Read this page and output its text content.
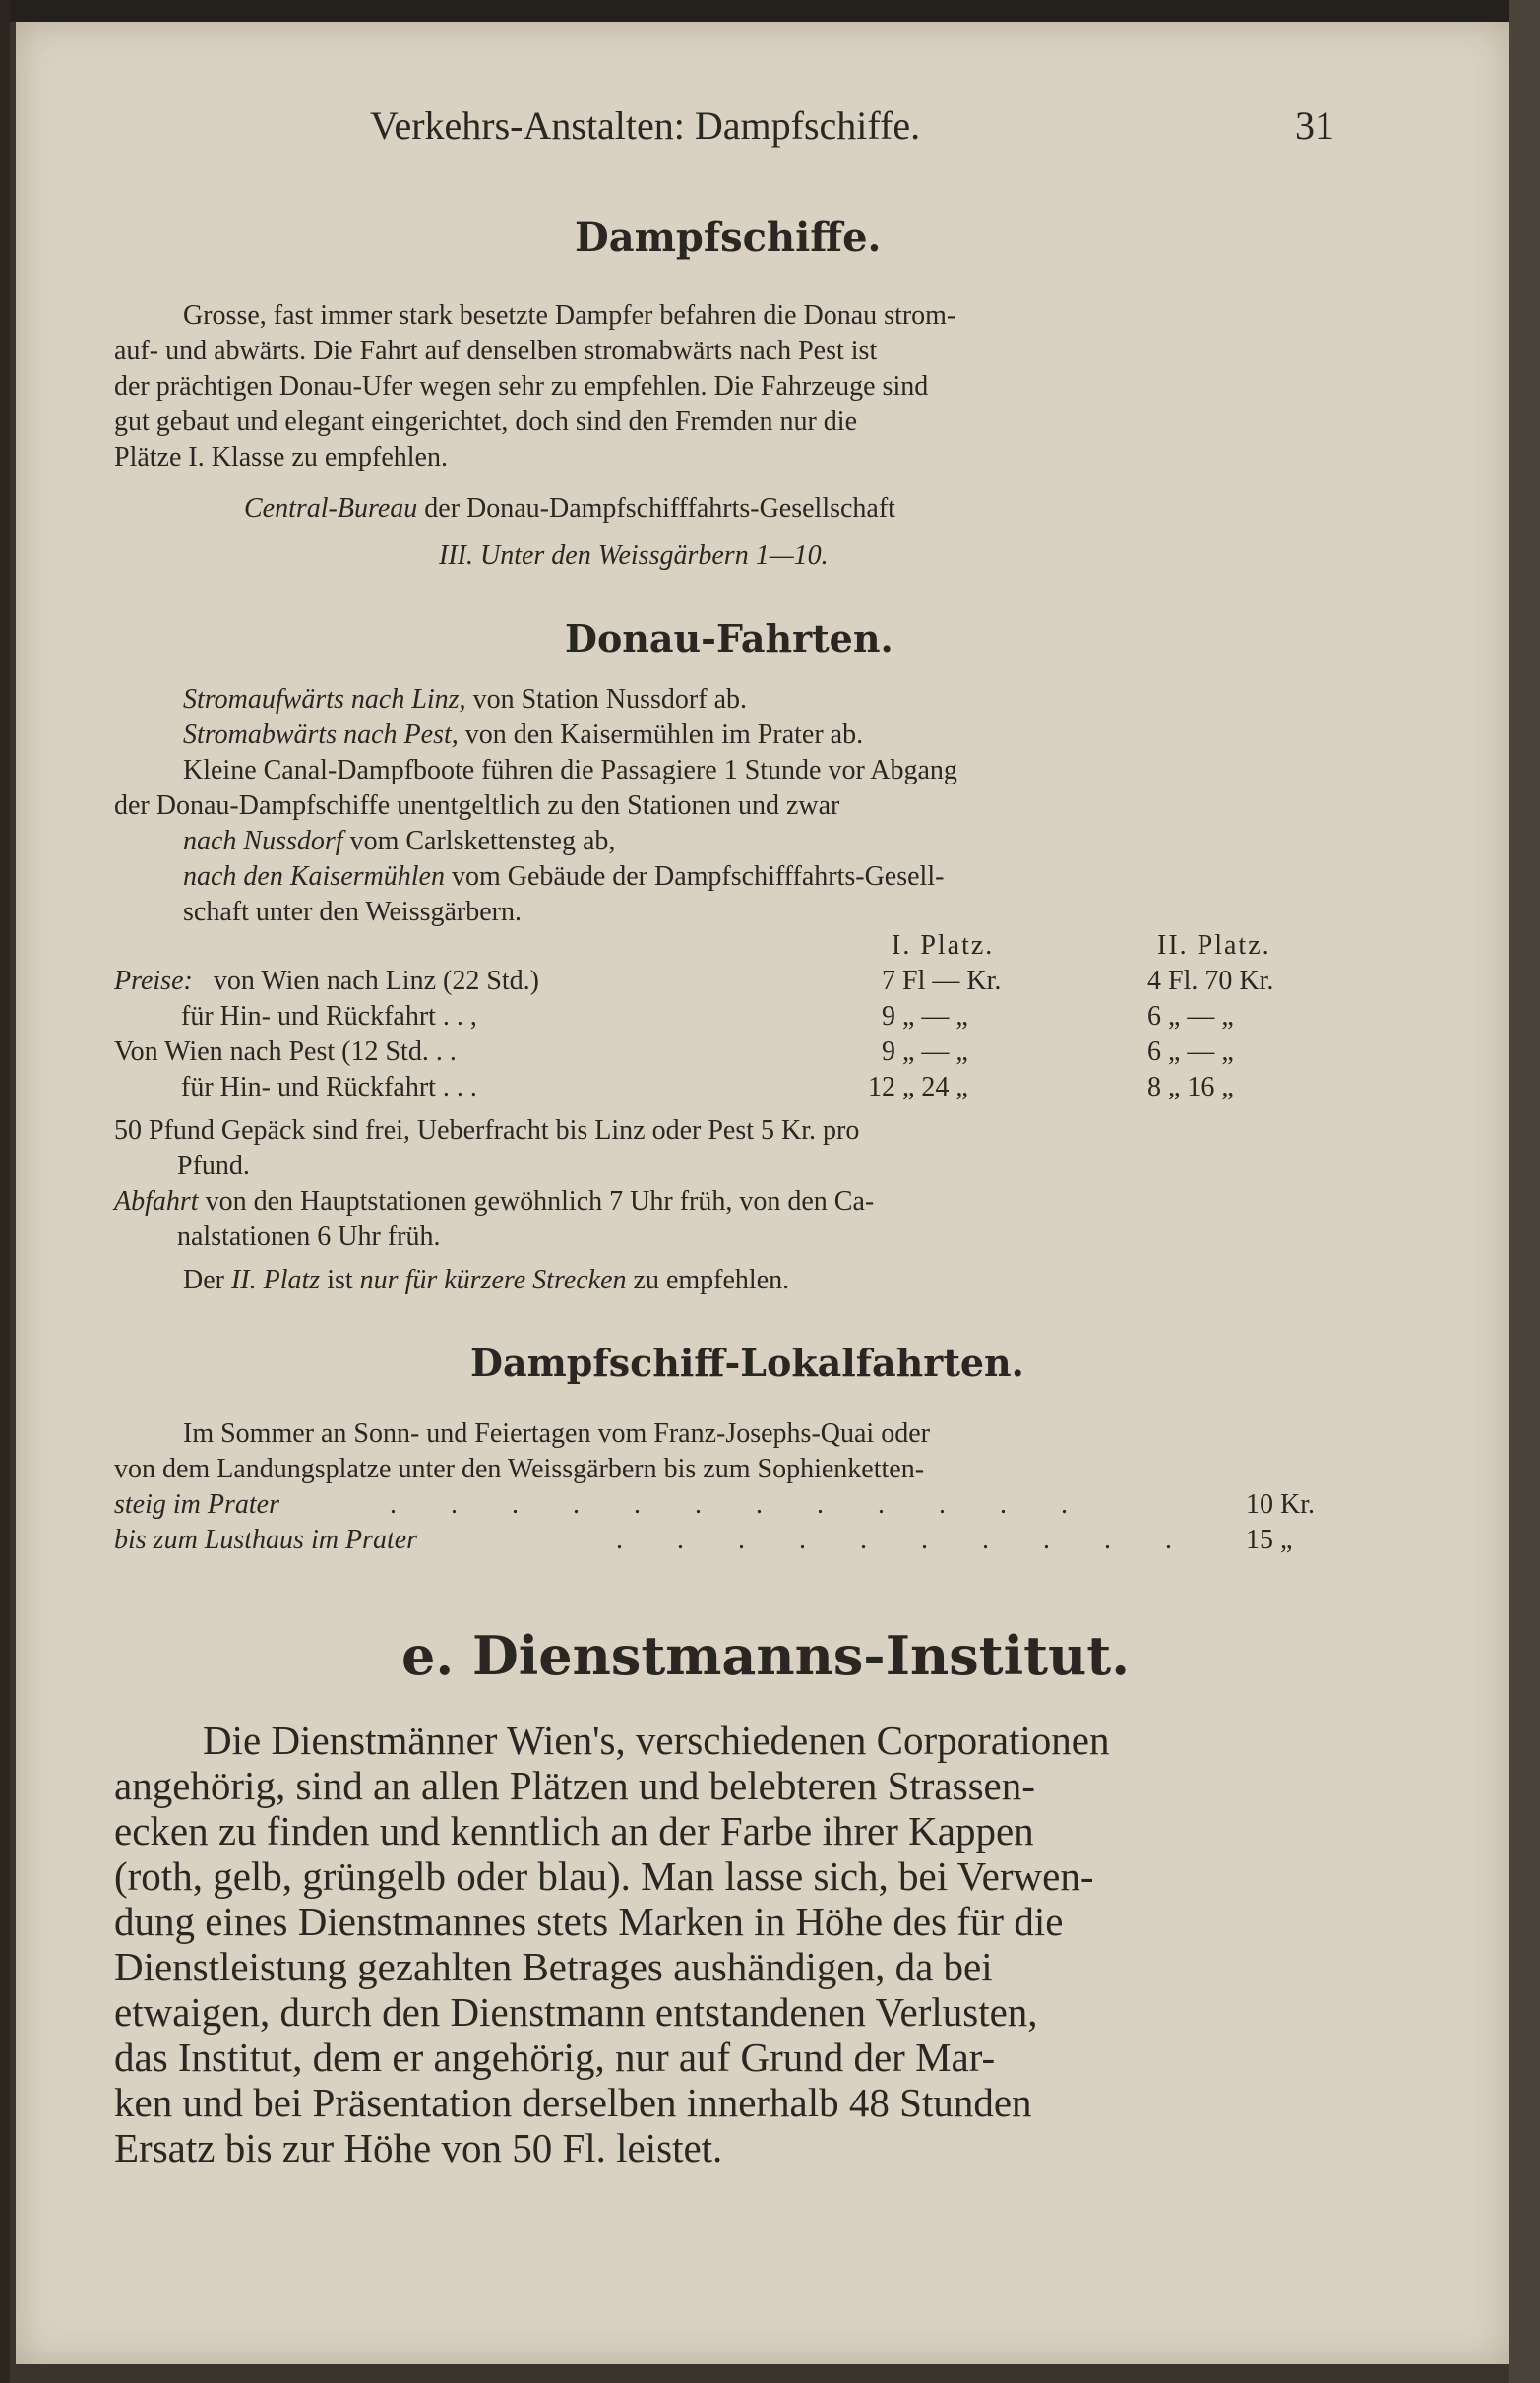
Verkehrs-Anstalten: Dampfschiffe.	31
Dampfschiffe.
Grosse, fast immer stark besetzte Dampfer befahren die Donau strom-
auf- und abwärts. Die Fahrt auf denselben stromabwärts nach Pest ist
der prächtigen Donau-Ufer wegen sehr zu empfehlen. Die Fahrzeuge sind
gut gebaut und elegant eingerichtet, doch sind den Fremden nur die
Plätze I. Klasse zu empfehlen.
Central-Bureau der Donau-Dampfschifffahrts-Gesellschaft
III. Unter den Weissgärbern 1—10.
Donau-Fahrten.
Stromaufwärts nach Linz, von Station Nussdorf ab.
Stromabwärts nach Pest, von den Kaisermühlen im Prater ab.
Kleine Canal-Dampfboote führen die Passagiere 1 Stunde vor Abgang
der Donau-Dampfschiffe unentgeltlich zu den Stationen und zwar
nach Nussdorf vom Carlskettensteg ab,
nach den Kaisermühlen vom Gebäude der Dampfschifffahrts-Gesell-
schaft unter den Weissgärbern.
I. Platz.	II. Platz.
Preise: von Wien nach Linz (22 Std.)	7 Fl — Kr.	4 Fl. 70 Kr.
für Hin- und Rückfahrt . . ,	9 „ — „	6 „ — „
Von Wien nach Pest (12 Std. . .	9 „ — „	6 „ — „
für Hin- und Rückfahrt . . .	12 „ 24 „	8 „ 16 „
50 Pfund Gepäck sind frei, Ueberfracht bis Linz oder Pest 5 Kr. pro
Pfund.
Abfahrt von den Hauptstationen gewöhnlich 7 Uhr früh, von den Ca-
nalstationen 6 Uhr früh.
Der II. Platz ist nur für kürzere Strecken zu empfehlen.
Dampfschiff-Lokalfahrten.
Im Sommer an Sonn- und Feiertagen vom Franz-Josephs-Quai oder
von dem Landungsplatze unter den Weissgärbern bis zum Sophienketten-
steig im Prater	. . . . . . . . . . . .	10 Kr.
bis zum Lusthaus im Prater	. . . . . . . . . . 15 „
e. Dienstmanns-Institut.
Die Dienstmänner Wien's, verschiedenen Corporationen
angehörig, sind an allen Plätzen und belebteren Strassen-
ecken zu finden und kenntlich an der Farbe ihrer Kappen
(roth, gelb, grüngelb oder blau). Man lasse sich, bei Verwen-
dung eines Dienstmannes stets Marken in Höhe des für die
Dienstleistung gezahlten Betrages aushändigen, da bei
etwaigen, durch den Dienstmann entstandenen Verlusten,
das Institut, dem er angehörig, nur auf Grund der Mar-
ken und bei Präsentation derselben innerhalb 48 Stunden
Ersatz bis zur Höhe von 50 Fl. leistet.
